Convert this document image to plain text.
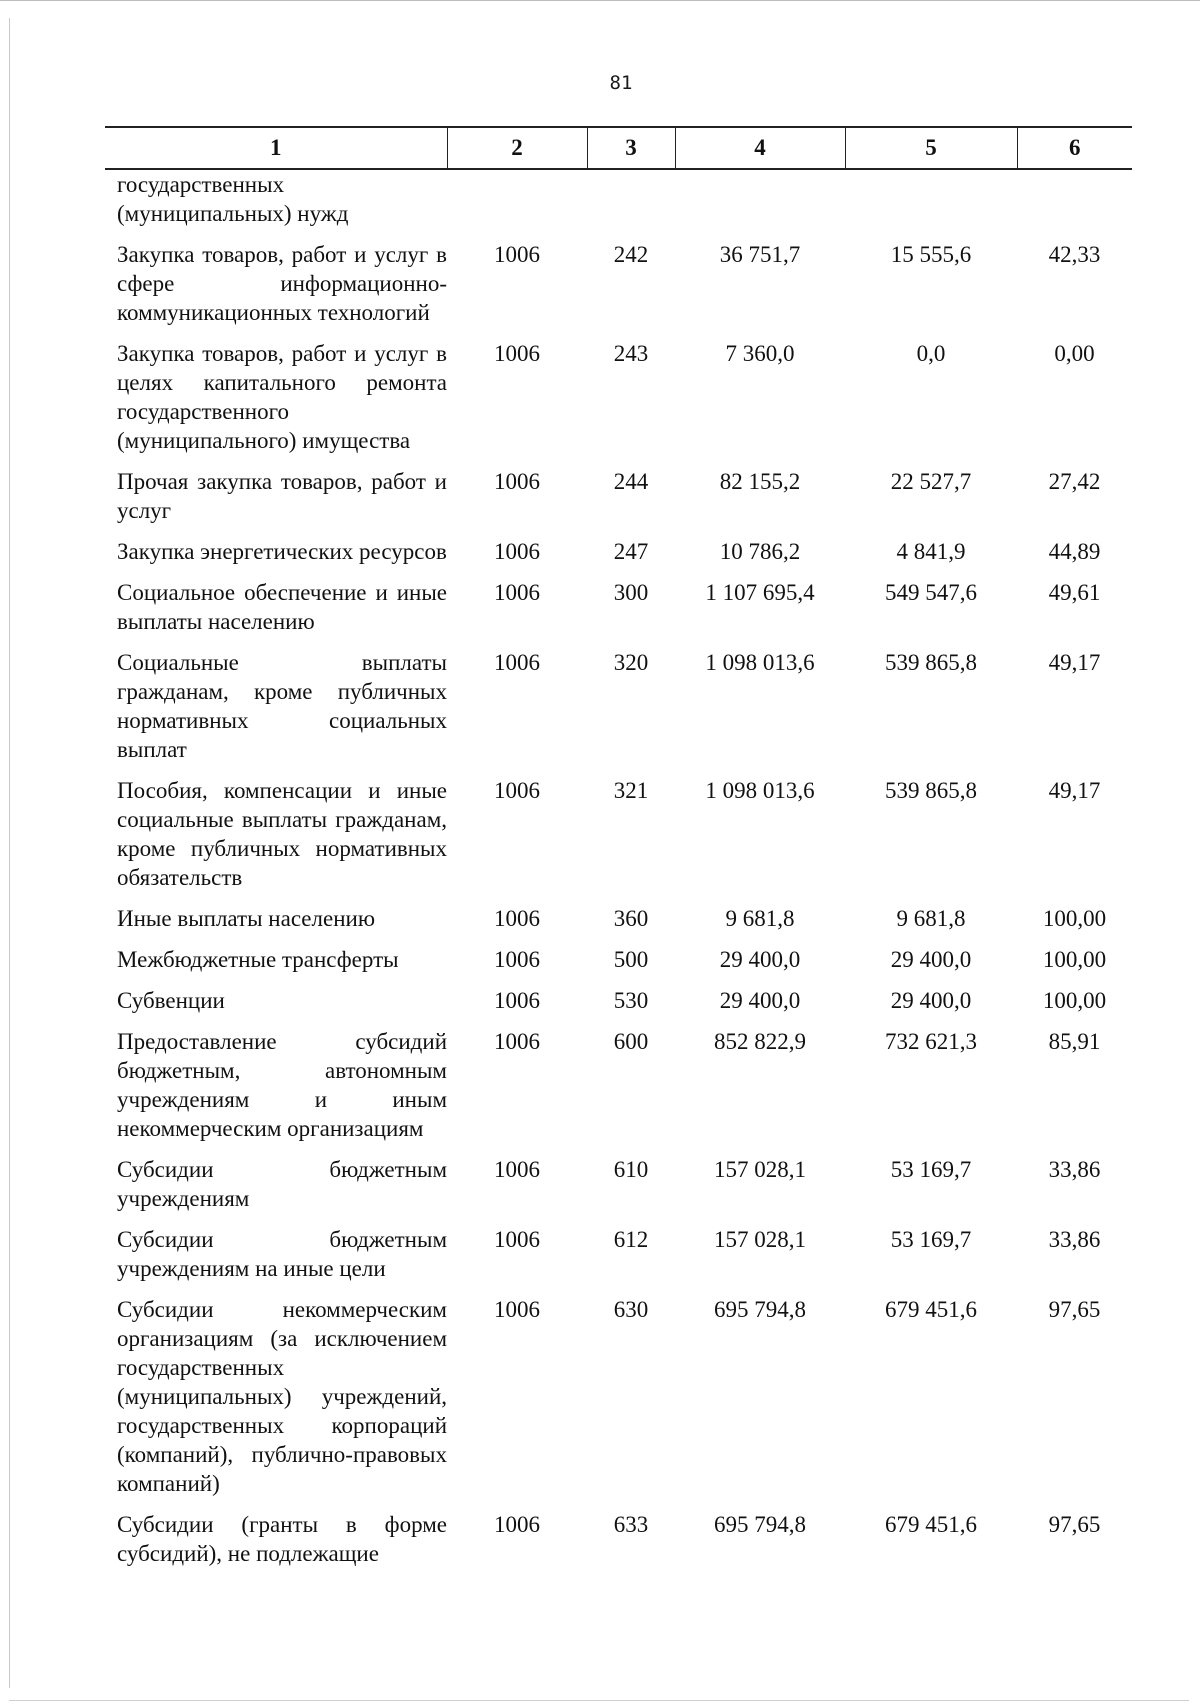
81
1	2	3	4	5	6
государственных (муниципальных) нужд					
Закупка товаров, работ и услуг в сфере информационно-коммуникационных технологий	1006	242	36 751,7	15 555,6	42,33
Закупка товаров, работ и услуг в целях капитального ремонта государственного (муниципального) имущества	1006	243	7 360,0	0,0	0,00
Прочая закупка товаров, работ и услуг	1006	244	82 155,2	22 527,7	27,42
Закупка энергетических ресурсов	1006	247	10 786,2	4 841,9	44,89
Социальное обеспечение и иные выплаты населению	1006	300	1 107 695,4	549 547,6	49,61
Социальные выплаты гражданам, кроме публичных нормативных социальных выплат	1006	320	1 098 013,6	539 865,8	49,17
Пособия, компенсации и иные социальные выплаты гражданам, кроме публичных нормативных обязательств	1006	321	1 098 013,6	539 865,8	49,17
Иные выплаты населению	1006	360	9 681,8	9 681,8	100,00
Межбюджетные трансферты	1006	500	29 400,0	29 400,0	100,00
Субвенции	1006	530	29 400,0	29 400,0	100,00
Предоставление субсидий бюджетным, автономным учреждениям и иным некоммерческим организациям	1006	600	852 822,9	732 621,3	85,91
Субсидии бюджетным учреждениям	1006	610	157 028,1	53 169,7	33,86
Субсидии бюджетным учреждениям на иные цели	1006	612	157 028,1	53 169,7	33,86
Субсидии некоммерческим организациям (за исключением государственных (муниципальных) учреждений, государственных корпораций (компаний), публично-правовых компаний)	1006	630	695 794,8	679 451,6	97,65
Субсидии (гранты в форме субсидий), не подлежащие	1006	633	695 794,8	679 451,6	97,65
